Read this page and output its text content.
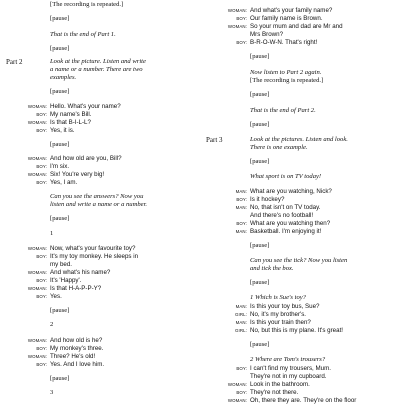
[The recording is repeated.]
[pause]
That is the end of Part 1.
[pause]
Part 2	Look at the picture. Listen and write
a name or a number. There are two
examples.
[pause]
WOMAN: Hello. What's your name?
BOY: My name's Bill.
WOMAN: Is that B-I-L-L?
BOY: Yes, it is.
[pause]
WOMAN: And how old are you, Bill?
BOY: I'm six.
WOMAN: Six! You're very big!
BOY: Yes, I am.
Can you see the answers? Now you
listen and write a name or a number.
[pause]
1
WOMAN: Now, what's your favourite toy?
BOY: It's my toy monkey. He sleeps in
my bed.
WOMAN: And what's his name?
BOY: It's 'Happy'.
WOMAN: Is that H-A-P-P-Y?
BOY: Yes.
[pause]
2
WOMAN: And how old is he?
BOY: My monkey's three.
WOMAN: Three? He's old!
BOY: Yes. And I love him.
[pause]
3
WOMAN: And what's your family name?
BOY: Our family name is Brown.
WOMAN: So your mum and dad are Mr and
Mrs Brown?
BOY: B-R-O-W-N. That's right!
[pause]
Now listen to Part 2 again.
[The recording is repeated.]
[pause]
That is the end of Part 2.
[pause]
Part 3	Look at the pictures. Listen and look.
There is one example.
[pause]
What sport is on TV today!
MAN: What are you watching, Nick?
BOY: Is it hockey?
MAN: No, that isn't on TV today.
And there's no football!
BOY: What are you watching then?
MAN: Basketball. I'm enjoying it!
[pause]
Can you see the tick? Now you listen
and tick the box.
[pause]
1 Which is Sue's toy?
MAN: Is this your toy bus, Sue?
GIRL: No, it's my brother's.
MAN: Is this your train then?
GIRL: No, but this is my plane. It's great!
[pause]
2 Where are Tom's trousers?
BOY: I can't find my trousers, Mum.
They're not in my cupboard.
WOMAN: Look in the bathroom.
BOY: They're not there.
WOMAN: Oh, there they are. They're on the floor
